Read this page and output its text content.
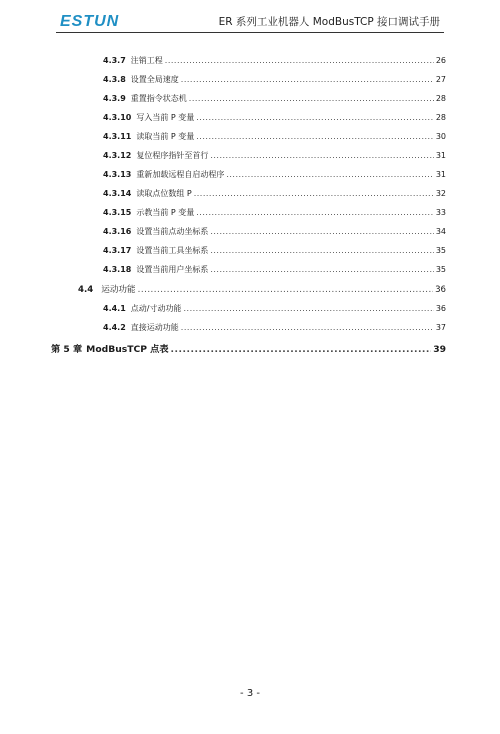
ESTUN	ER 系列工业机器人 ModBusTCP 接口调试手册
4.3.7 注销工程 .....	26
4.3.8 设置全局速度 .....	27
4.3.9 重置指令状态机 .....	28
4.3.10 写入当前 P 变量 .....	28
4.3.11 读取当前 P 变量 .....	30
4.3.12 复位程序指针至首行 .....	31
4.3.13 重新加载远程自启动程序 .....	31
4.3.14 读取点位数组 P .....	32
4.3.15 示教当前 P 变量 .....	33
4.3.16 设置当前点动坐标系 .....	34
4.3.17 设置当前工具坐标系 .....	35
4.3.18 设置当前用户坐标系 .....	35
4.4 运动功能 .....	36
4.4.1 点动/寸动功能 .....	36
4.4.2 直接运动功能 .....	37
第 5 章 ModBusTCP 点表 .....	39
- 3 -
